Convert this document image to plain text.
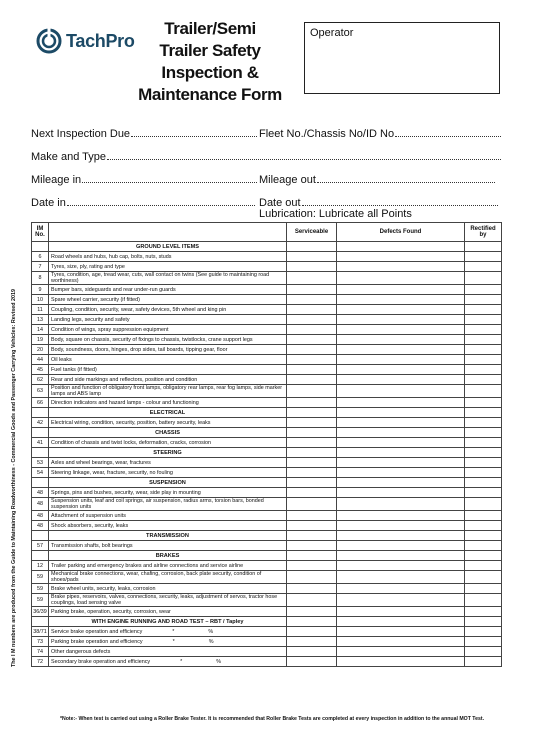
TachPro
Trailer/Semi
Trailer Safety
Inspection &
Maintenance Form
Operator
Next Inspection Due	Fleet No./Chassis No/ID No
Make and Type
Mileage in	Mileage out
Date in	Date out
Lubrication: Lubricate all Points
IM No.		Serviceable	Defects Found	Rectified by
	GROUND LEVEL ITEMS			
6	Road wheels and hubs, hub cap, bolts, nuts, studs			
7	Tyres, size, ply, rating and type			
8	Tyres, condition, age, tread wear, cuts, wall contact on twins (See guide to maintaining road worthiness)			
9	Bumper bars, sideguards and rear under-run guards			
10	Spare wheel carrier, security (if fitted)			
11	Coupling, condition, security, wear, safety devices, 5th wheel and king pin			
13	Landing legs, security and safety			
14	Condition of wings, spray suppression equipment			
19	Body, square on chassis, security of fixings to chassis, twistlocks, crane support legs			
20	Body, soundness, doors, hinges, drop sides, tail boards, tipping gear, floor			
44	Oil leaks			
45	Fuel tanks (if fitted)			
62	Rear and side markings and reflectors, position and condition			
63	Position and function of obligatory front lamps, obligatory rear lamps, rear fog lamps, side marker lamps and ABS lamp			
66	Direction indicators and hazard lamps - colour and functioning			
	ELECTRICAL			
42	Electrical wiring, condition, security, position, battery security, leaks			
	CHASSIS			
41	Condition of chassis and twist locks, deformation, cracks, corrosion			
	STEERING			
53	Axles and wheel bearings, wear, fractures			
54	Steering linkage, wear, fracture, security, no fouling			
	SUSPENSION			
48	Springs, pins and bushes, security, wear, side play in mounting			
48	Suspension units, leaf and coil springs, air suspension, radius arms, torsion bars, bonded suspension units			
48	Attachment of suspension units			
48	Shock absorbers, security, leaks			
	TRANSMISSION			
57	Transmission shafts, bolt bearings			
	BRAKES			
12	Trailer parking and emergency brakes and airline connections and service airline			
59	Mechanical brake connections, wear, chafing, corrosion, back plate security, condition of shoes/pads			
59	Brake wheel units, security, leaks, corrosion			
59	Brake pipes, reservoirs, valves, connections, security, leaks, adjustment of servos, tractor hose couplings, load sensing valve			
36/39	Parking brake, operation, security, corrosion, wear			
	WITH ENGINE RUNNING AND ROAD TEST – RBT / Tapley			
38/71	Service brake operation and efficiency * %			
73	Parking brake operation and efficiency * %			
74	Other dangerous defects			
72	Secondary brake operation and efficiency * %			
The I M numbers are produced from the Guide to Maintaining Roadworthiness - Commercial Goods and Passenger Carrying Vehicles: Revised 2019
*Note:- When test is carried out using a Roller Brake Tester. It is recommended that Roller Brake Tests are completed at every inspection in addition to the annual MOT Test.
